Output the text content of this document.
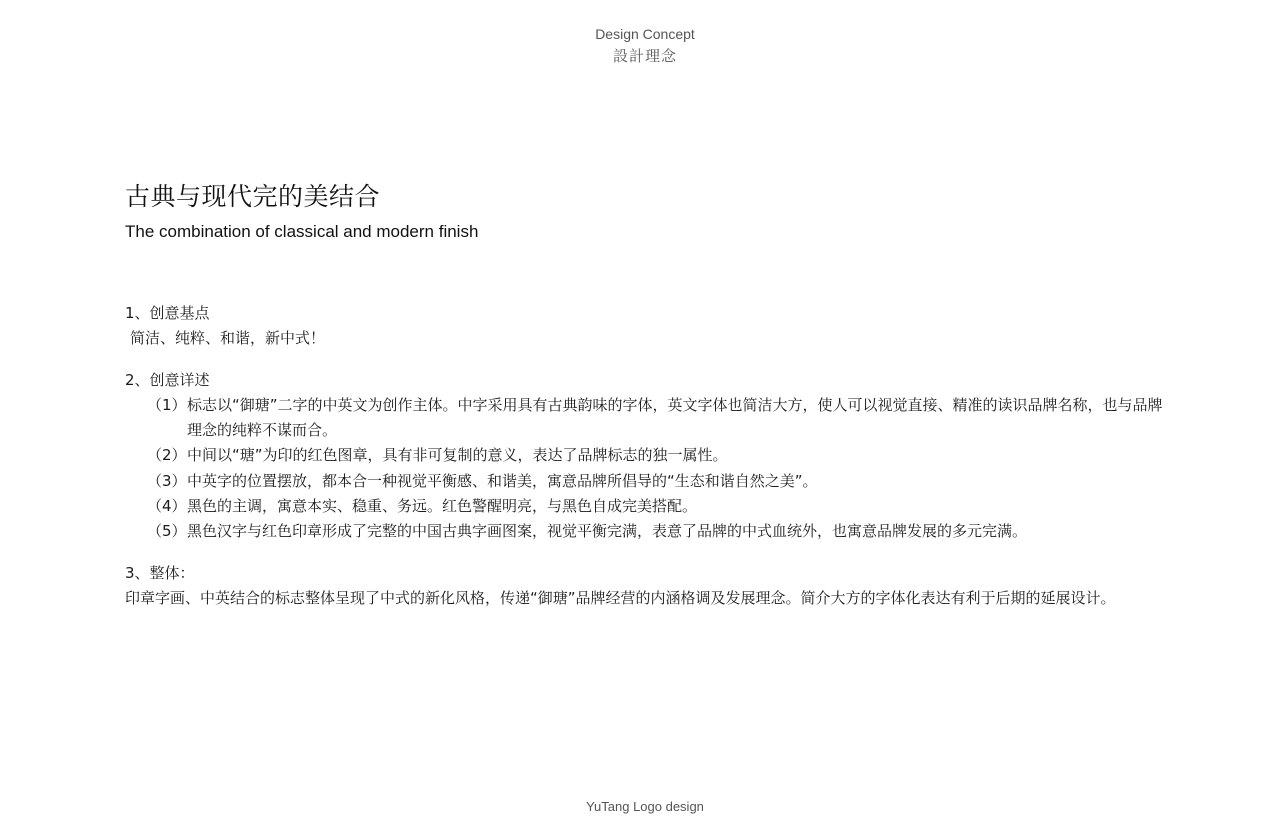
Design Concept
設計理念
古典与现代完的美结合
The combination of classical and modern finish
1、创意基点
简洁、纯粹、和谐，新中式！
2、创意详述
（1） 标志以“御瑭”二字的中英文为创作主体。中字采用具有古典韵味的字体，英文字体也简洁大方，使人可以视觉直接、精准的读识品牌名称，也与品牌理念的纯粹不谋而合。
（2） 中间以“瑭”为印的红色图章，具有非可复制的意义，表达了品牌标志的独一属性。
（3） 中英字的位置摆放，都本合一种视觉平衡感、和谐美，寓意品牌所倡导的“生态和谐自然之美”。
（4） 黑色的主调，寓意本实、稳重、务远。红色警醒明亮，与黑色自成完美搭配。
（5） 黑色汉字与红色印章形成了完整的中国古典字画图案，视觉平衡完满，表意了品牌的中式血统外，也寓意品牌发展的多元完满。
3、整体：
印章字画、中英结合的标志整体呈现了中式的新化风格，传递“御瑭”品牌经营的内涵格调及发展理念。简介大方的字体化表达有利于后期的延展设计。
YuTang Logo design
